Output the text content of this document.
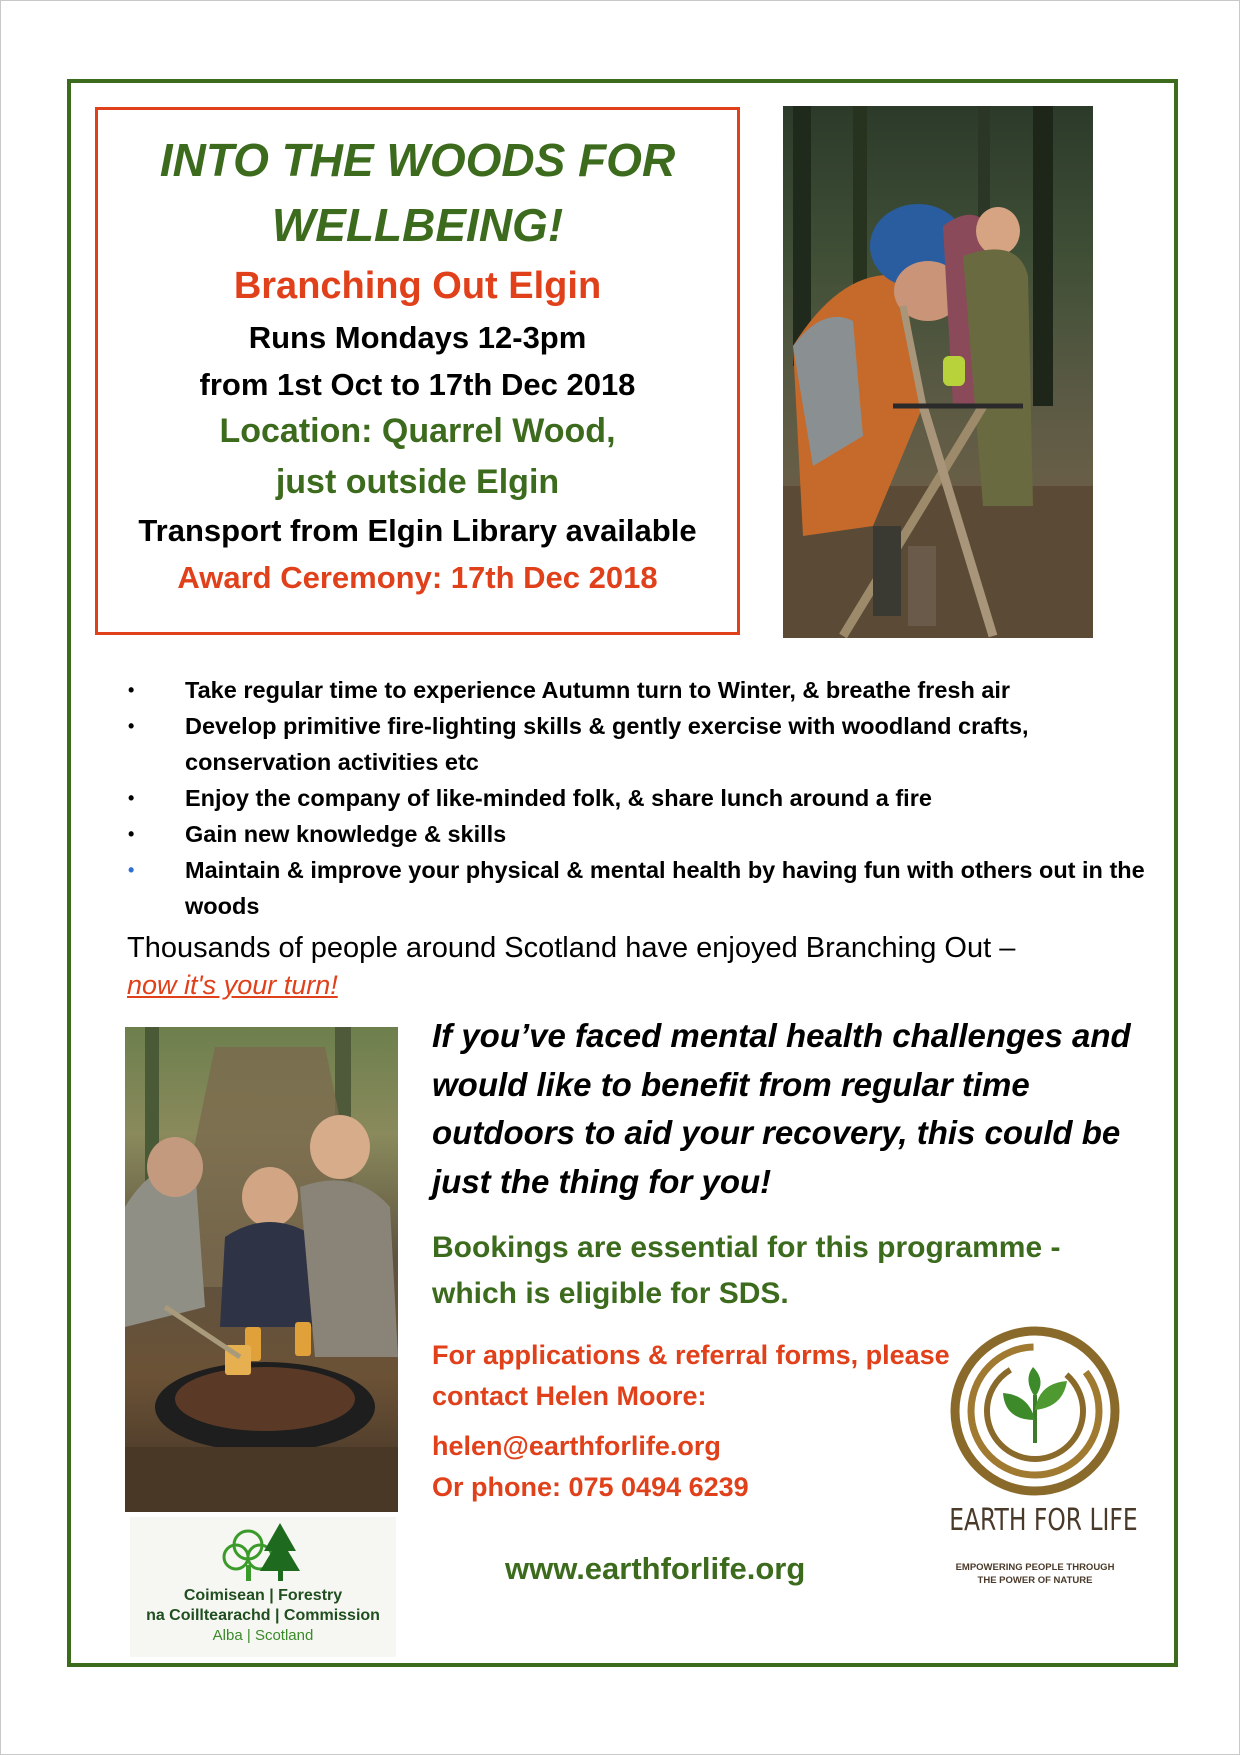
INTO THE WOODS FOR
WELLBEING!
Branching Out Elgin
Runs Mondays 12-3pm
from 1st Oct to 17th Dec 2018
Location: Quarrel Wood,
just outside Elgin
Transport from Elgin Library available
Award Ceremony: 17th Dec 2018
• Take regular time to experience Autumn turn to Winter, & breathe fresh air
• Develop primitive fire-lighting skills & gently exercise with woodland crafts, conservation activities etc
• Enjoy the company of like-minded folk, & share lunch around a fire
• Gain new knowledge & skills
• Maintain & improve your physical & mental health by having fun with others out in the woods
Thousands of people around Scotland have enjoyed Branching Out –
now it's your turn!
If you’ve faced mental health challenges and would like to benefit from regular time outdoors to aid your recovery, this could be just the thing for you!
Bookings are essential for this programme - which is eligible for SDS.
For applications & referral forms, please contact Helen Moore:
helen@earthforlife.org
Or phone: 075 0494 6239
www.earthforlife.org
EARTH FOR LIFE
EMPOWERING PEOPLE THROUGH
THE POWER OF NATURE
Coimisean | Forestry
na Coilltearachd | Commission
Alba | Scotland
